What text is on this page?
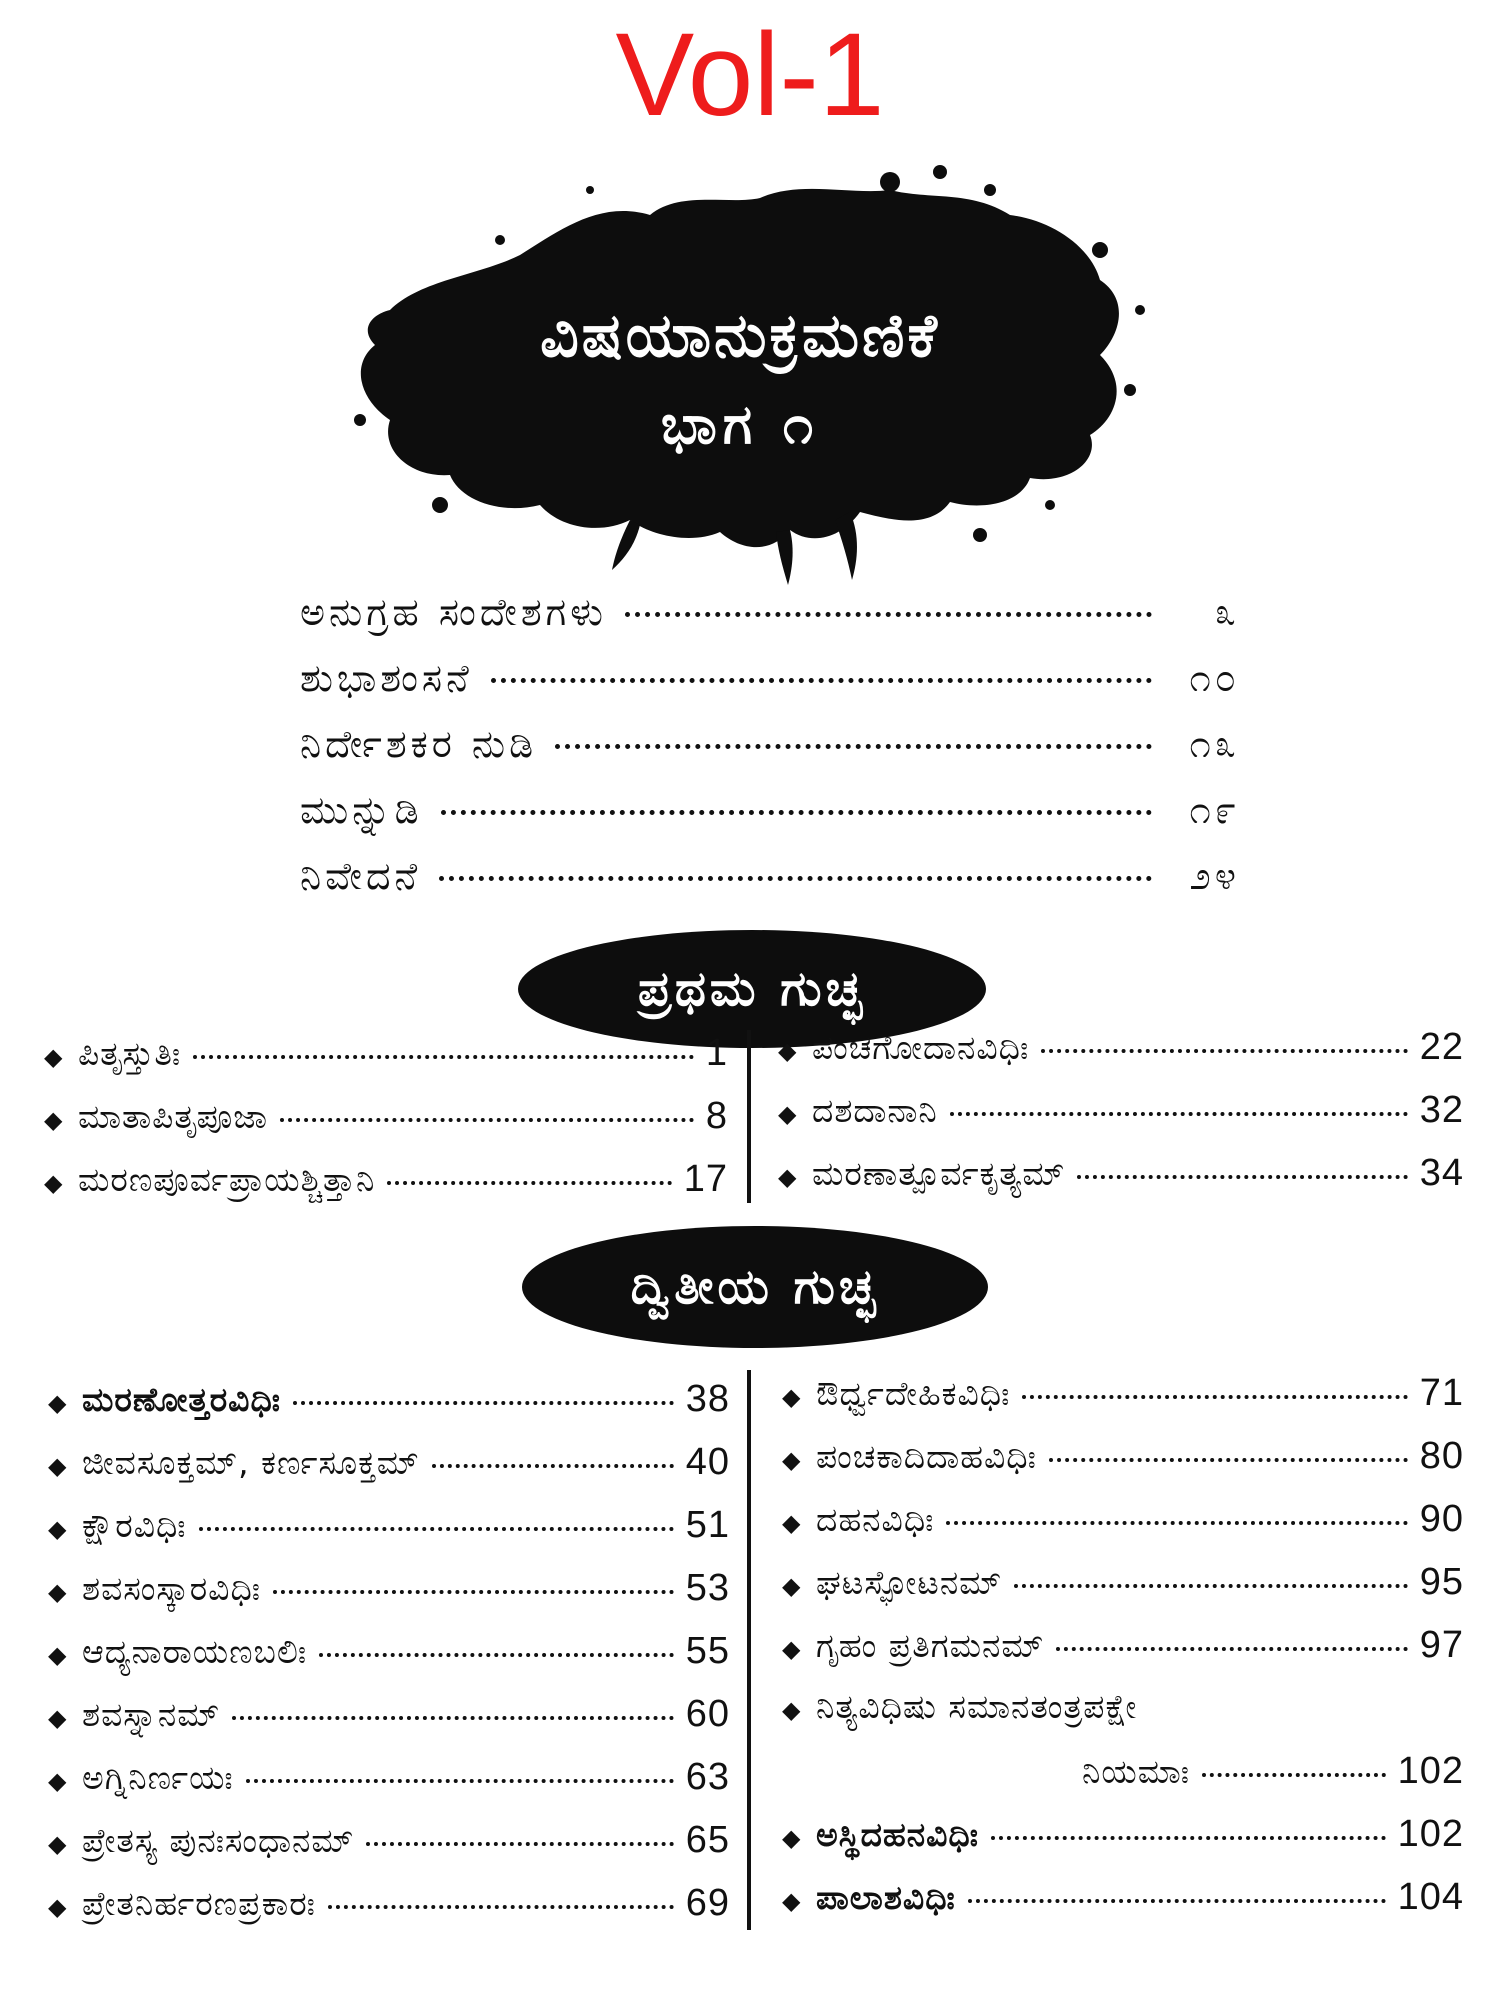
Vol-1
ವಿಷಯಾನುಕ್ರಮಣಿಕೆ
ಭಾಗ ೧
ಅನುಗ್ರಹ ಸಂದೇಶಗಳು	೩
ಶುಭಾಶಂಸನೆ	೧೦
ನಿರ್ದೇಶಕರ ನುಡಿ	೧೩
ಮುನ್ನುಡಿ	೧೯
ನಿವೇದನೆ	೨೪
ಪ್ರಥಮ ಗುಚ್ಛ
◆ ಪಿತೃಸ್ತುತಿಃ	1
◆ ಮಾತಾಪಿತೃಪೂಜಾ	8
◆ ಮರಣಪೂರ್ವಪ್ರಾಯಶ್ಚಿತ್ತಾನಿ	17
◆ ಪಂಚಗೋದಾನವಿಧಿಃ	22
◆ ದಶದಾನಾನಿ	32
◆ ಮರಣಾತ್ಪೂರ್ವಕೃತ್ಯಮ್	34
ದ್ವಿತೀಯ ಗುಚ್ಛ
◆ ಮರಣೋತ್ತರವಿಧಿಃ	38
◆ ಜೀವಸೂಕ್ತಮ್, ಕರ್ಣಸೂಕ್ತಮ್	40
◆ ಕ್ಷೌರವಿಧಿಃ	51
◆ ಶವಸಂಸ್ಕಾರವಿಧಿಃ	53
◆ ಆದ್ಯನಾರಾಯಣಬಲಿಃ	55
◆ ಶವಸ್ನಾನಮ್	60
◆ ಅಗ್ನಿನಿರ್ಣಯಃ	63
◆ ಪ್ರೇತಸ್ಯ ಪುನಃಸಂಧಾನಮ್	65
◆ ಪ್ರೇತನಿರ್ಹರಣಪ್ರಕಾರಃ	69
◆ ಔರ್ಧ್ವದೇಹಿಕವಿಧಿಃ	71
◆ ಪಂಚಕಾದಿದಾಹವಿಧಿಃ	80
◆ ದಹನವಿಧಿಃ	90
◆ ಘಟಸ್ಫೋಟನಮ್	95
◆ ಗೃಹಂ ಪ್ರತಿಗಮನಮ್	97
◆ ನಿತ್ಯವಿಧಿಷು ಸಮಾನತಂತ್ರಪಕ್ಷೇ
ನಿಯಮಾಃ	102
◆ ಅಸ್ಥಿದಹನವಿಧಿಃ	102
◆ ಪಾಲಾಶವಿಧಿಃ	104
